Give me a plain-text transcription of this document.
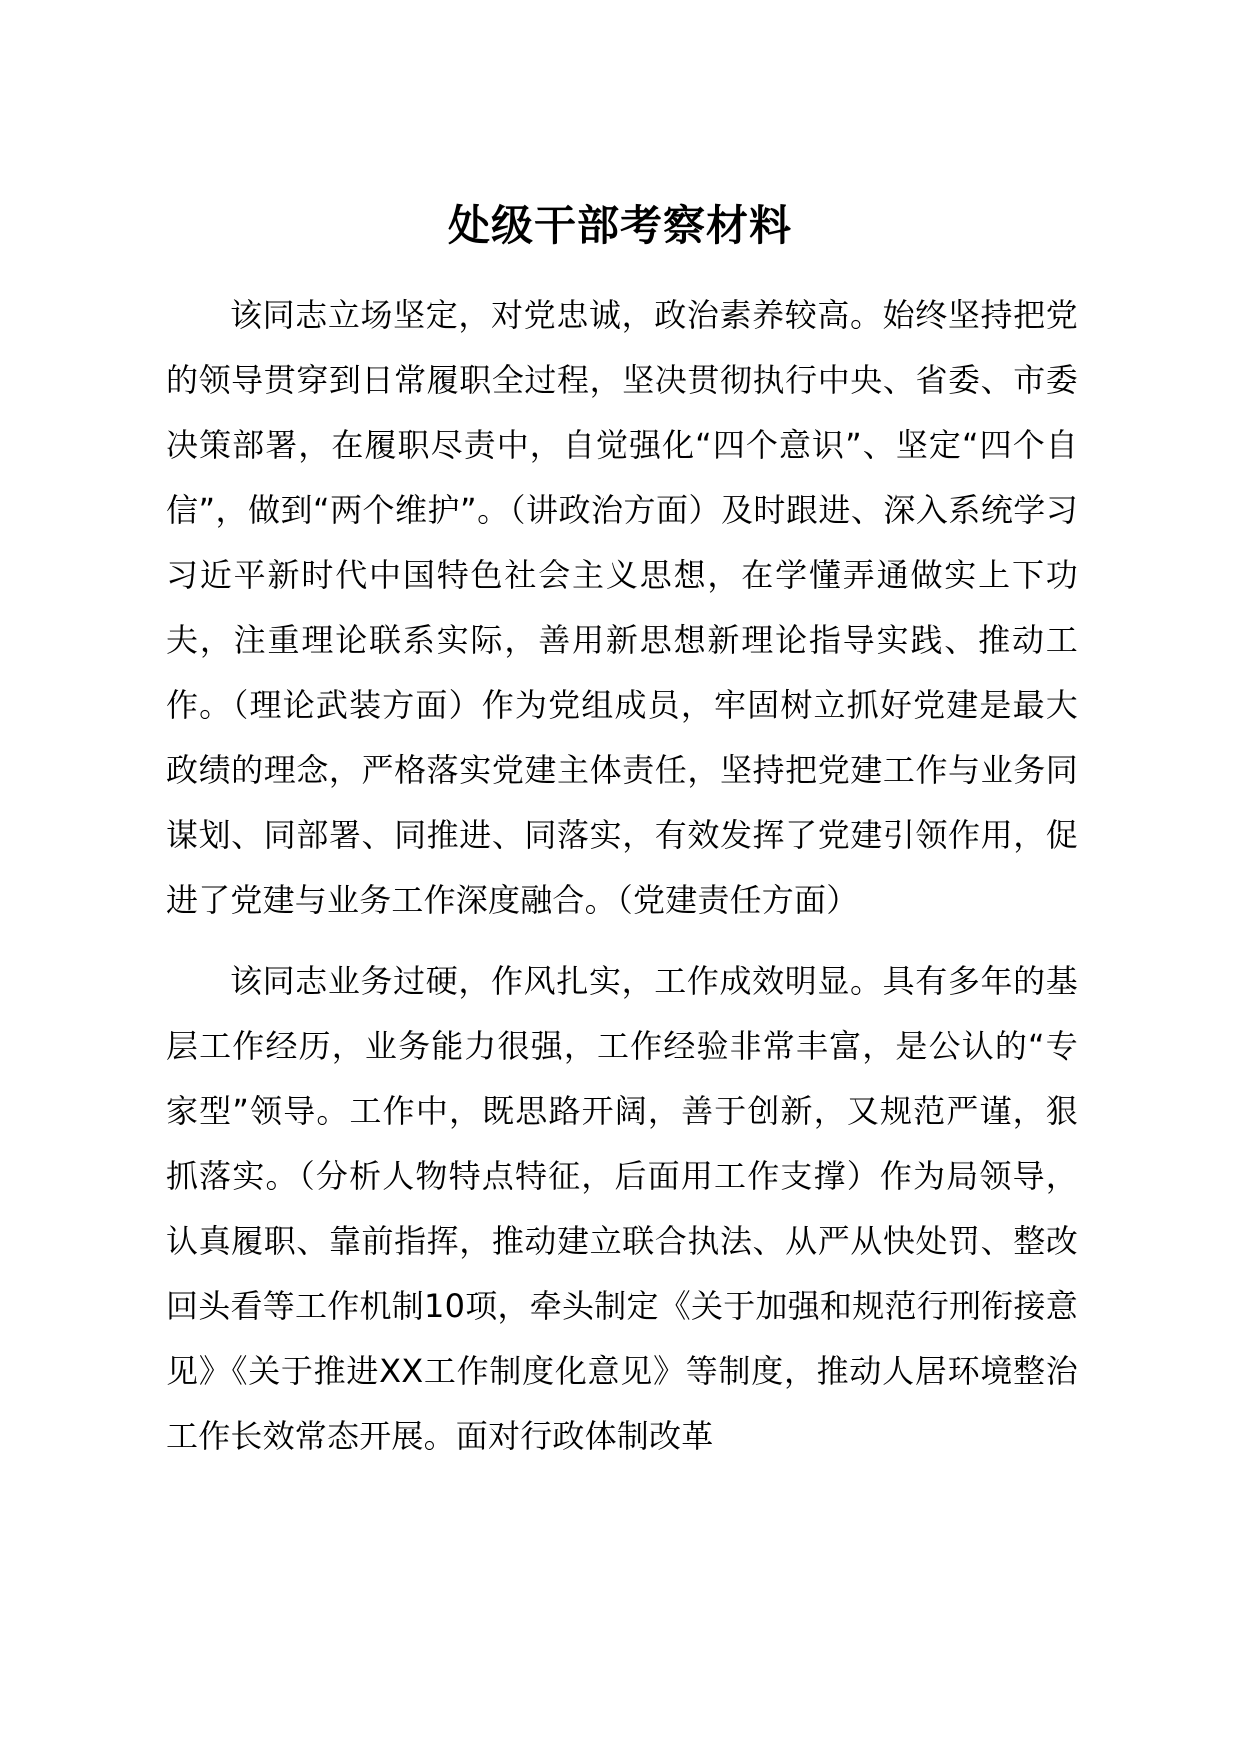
处级干部考察材料

该同志立场坚定，对党忠诚，政治素养较高。始终坚持把党的领导贯穿到日常履职全过程，坚决贯彻执行中央、省委、市委决策部署，在履职尽责中，自觉强化“四个意识”、坚定“四个自信”，做到“两个维护”。（讲政治方面）及时跟进、深入系统学习习近平新时代中国特色社会主义思想，在学懂弄通做实上下功夫，注重理论联系实际，善用新思想新理论指导实践、推动工作。（理论武装方面）作为党组成员，牢固树立抓好党建是最大政绩的理念，严格落实党建主体责任，坚持把党建工作与业务同谋划、同部署、同推进、同落实，有效发挥了党建引领作用，促进了党建与业务工作深度融合。（党建责任方面）

该同志业务过硬，作风扎实，工作成效明显。具有多年的基层工作经历，业务能力很强，工作经验非常丰富，是公认的“专家型”领导。工作中，既思路开阔，善于创新，又规范严谨，狠抓落实。（分析人物特点特征，后面用工作支撑）作为局领导，认真履职、靠前指挥，推动建立联合执法、从严从快处罚、整改回头看等工作机制10项，牵头制定《关于加强和规范行刑衔接意见》《关于推进XX工作制度化意见》等制度，推动人居环境整治工作长效常态开展。面对行政体制改革
